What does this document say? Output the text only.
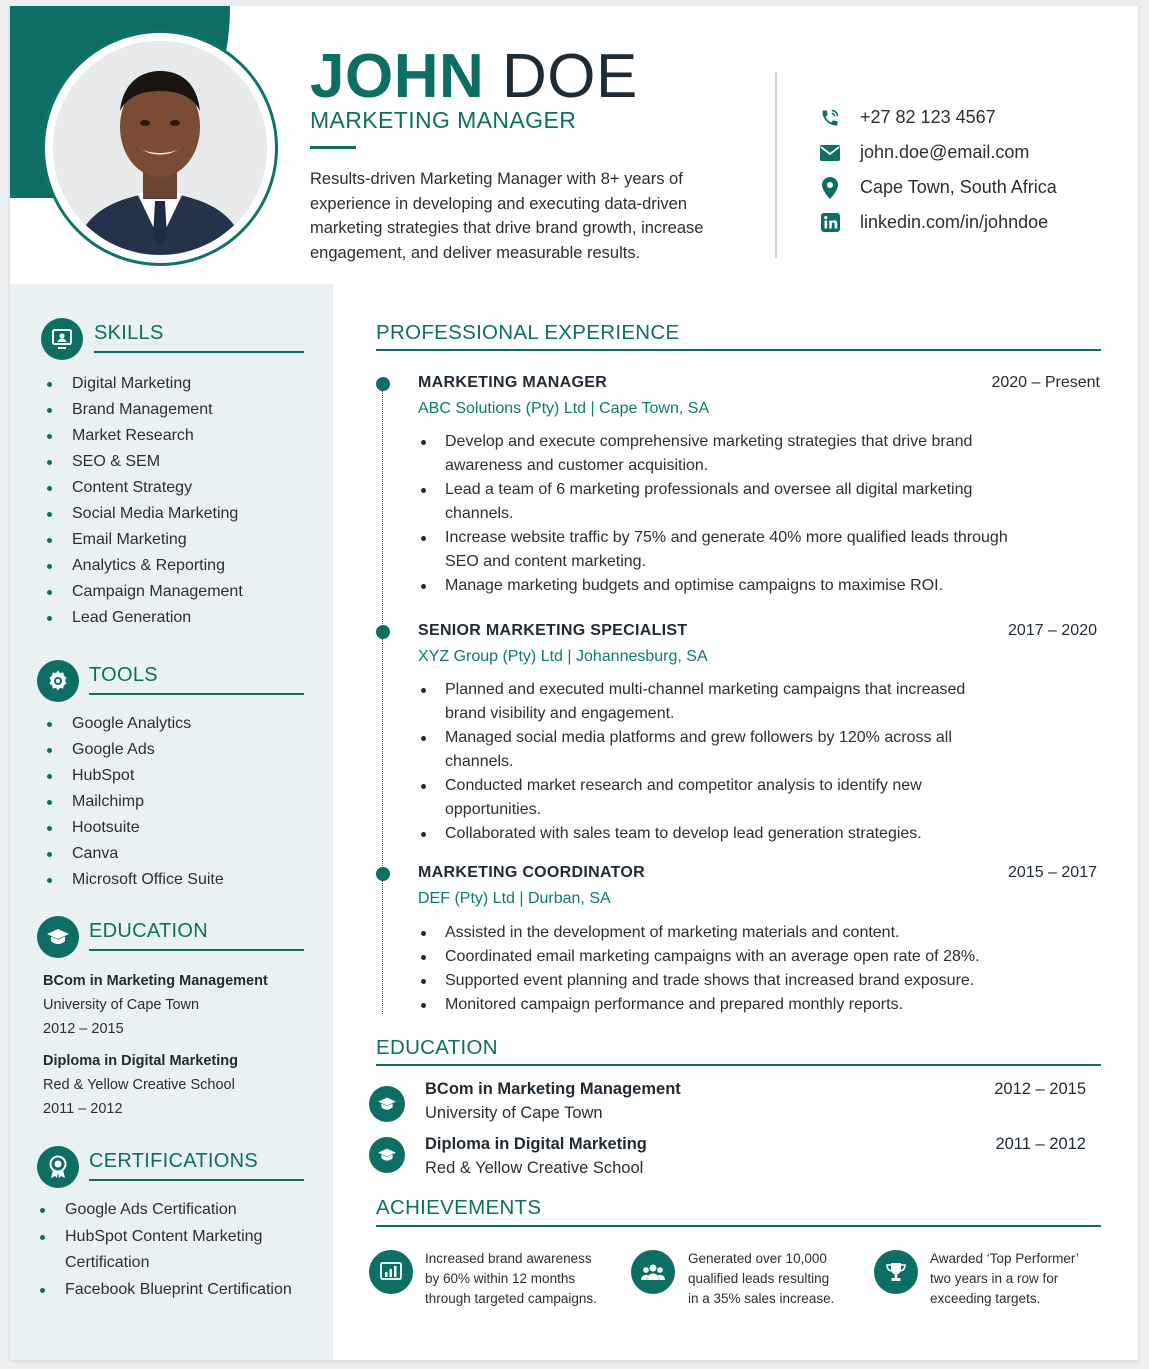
JOHN DOE
MARKETING MANAGER
Results-driven Marketing Manager with 8+ years of experience in developing and executing data-driven marketing strategies that drive brand growth, increase engagement, and deliver measurable results.
+27 82 123 4567
john.doe@email.com
Cape Town, South Africa
linkedin.com/in/johndoe
SKILLS
Digital Marketing
Brand Management
Market Research
SEO & SEM
Content Strategy
Social Media Marketing
Email Marketing
Analytics & Reporting
Campaign Management
Lead Generation
TOOLS
Google Analytics
Google Ads
HubSpot
Mailchimp
Hootsuite
Canva
Microsoft Office Suite
EDUCATION
BCom in Marketing Management
University of Cape Town
2012 – 2015
Diploma in Digital Marketing
Red & Yellow Creative School
2011 – 2012
CERTIFICATIONS
Google Ads Certification
HubSpot Content Marketing
Certification
Facebook Blueprint Certification
PROFESSIONAL EXPERIENCE
MARKETING MANAGER	2020 – Present
ABC Solutions (Pty) Ltd | Cape Town, SA
Develop and execute comprehensive marketing strategies that drive brand awareness and customer acquisition.
Lead a team of 6 marketing professionals and oversee all digital marketing channels.
Increase website traffic by 75% and generate 40% more qualified leads through SEO and content marketing.
Manage marketing budgets and optimise campaigns to maximise ROI.
SENIOR MARKETING SPECIALIST	2017 – 2020
XYZ Group (Pty) Ltd | Johannesburg, SA
Planned and executed multi-channel marketing campaigns that increased brand visibility and engagement.
Managed social media platforms and grew followers by 120% across all channels.
Conducted market research and competitor analysis to identify new opportunities.
Collaborated with sales team to develop lead generation strategies.
MARKETING COORDINATOR	2015 – 2017
DEF (Pty) Ltd | Durban, SA
Assisted in the development of marketing materials and content.
Coordinated email marketing campaigns with an average open rate of 28%.
Supported event planning and trade shows that increased brand exposure.
Monitored campaign performance and prepared monthly reports.
EDUCATION
BCom in Marketing Management
University of Cape Town
2012 – 2015
Diploma in Digital Marketing
Red & Yellow Creative School
2011 – 2012
ACHIEVEMENTS
Increased brand awareness
by 60% within 12 months
through targeted campaigns.
Generated over 10,000
qualified leads resulting
in a 35% sales increase.
Awarded ‘Top Performer’
two years in a row for
exceeding targets.
